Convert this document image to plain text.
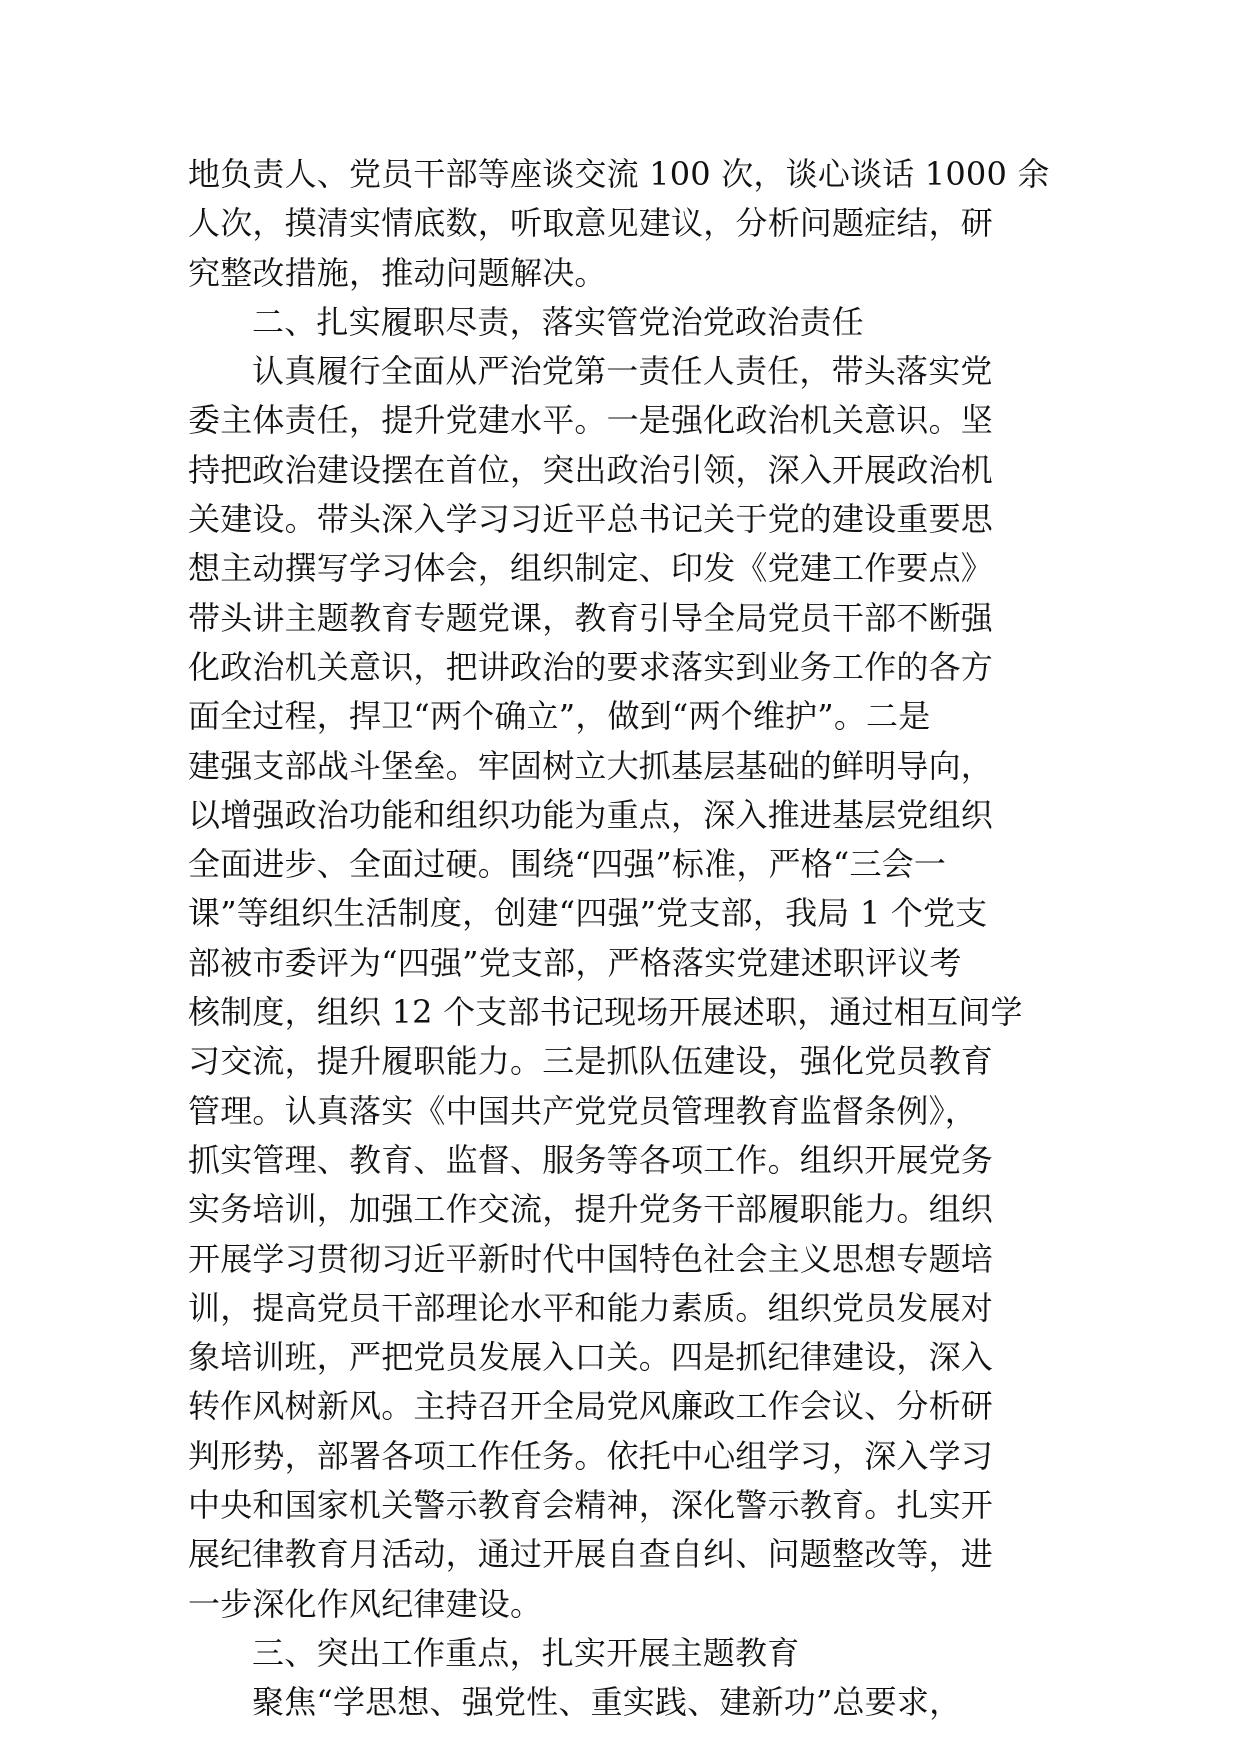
地负责人、党员干部等座谈交流 100 次，谈心谈话 1000 余
人次，摸清实情底数，听取意见建议，分析问题症结，研
究整改措施，推动问题解决。
二、扎实履职尽责，落实管党治党政治责任
认真履行全面从严治党第一责任人责任，带头落实党
委主体责任，提升党建水平。一是强化政治机关意识。坚
持把政治建设摆在首位，突出政治引领，深入开展政治机
关建设。带头深入学习习近平总书记关于党的建设重要思
想主动撰写学习体会，组织制定、印发《党建工作要点》
带头讲主题教育专题党课，教育引导全局党员干部不断强
化政治机关意识，把讲政治的要求落实到业务工作的各方
面全过程，捍卫“两个确立”，做到“两个维护”。二是
建强支部战斗堡垒。牢固树立大抓基层基础的鲜明导向，
以增强政治功能和组织功能为重点，深入推进基层党组织
全面进步、全面过硬。围绕“四强”标准，严格“三会一
课”等组织生活制度，创建“四强”党支部，我局 1 个党支
部被市委评为“四强”党支部，严格落实党建述职评议考
核制度，组织 12 个支部书记现场开展述职，通过相互间学
习交流，提升履职能力。三是抓队伍建设，强化党员教育
管理。认真落实《中国共产党党员管理教育监督条例》，
抓实管理、教育、监督、服务等各项工作。组织开展党务
实务培训，加强工作交流，提升党务干部履职能力。组织
开展学习贯彻习近平新时代中国特色社会主义思想专题培
训，提高党员干部理论水平和能力素质。组织党员发展对
象培训班，严把党员发展入口关。四是抓纪律建设，深入
转作风树新风。主持召开全局党风廉政工作会议、分析研
判形势，部署各项工作任务。依托中心组学习，深入学习
中央和国家机关警示教育会精神，深化警示教育。扎实开
展纪律教育月活动，通过开展自查自纠、问题整改等，进
一步深化作风纪律建设。
三、突出工作重点，扎实开展主题教育
聚焦“学思想、强党性、重实践、建新功”总要求，
